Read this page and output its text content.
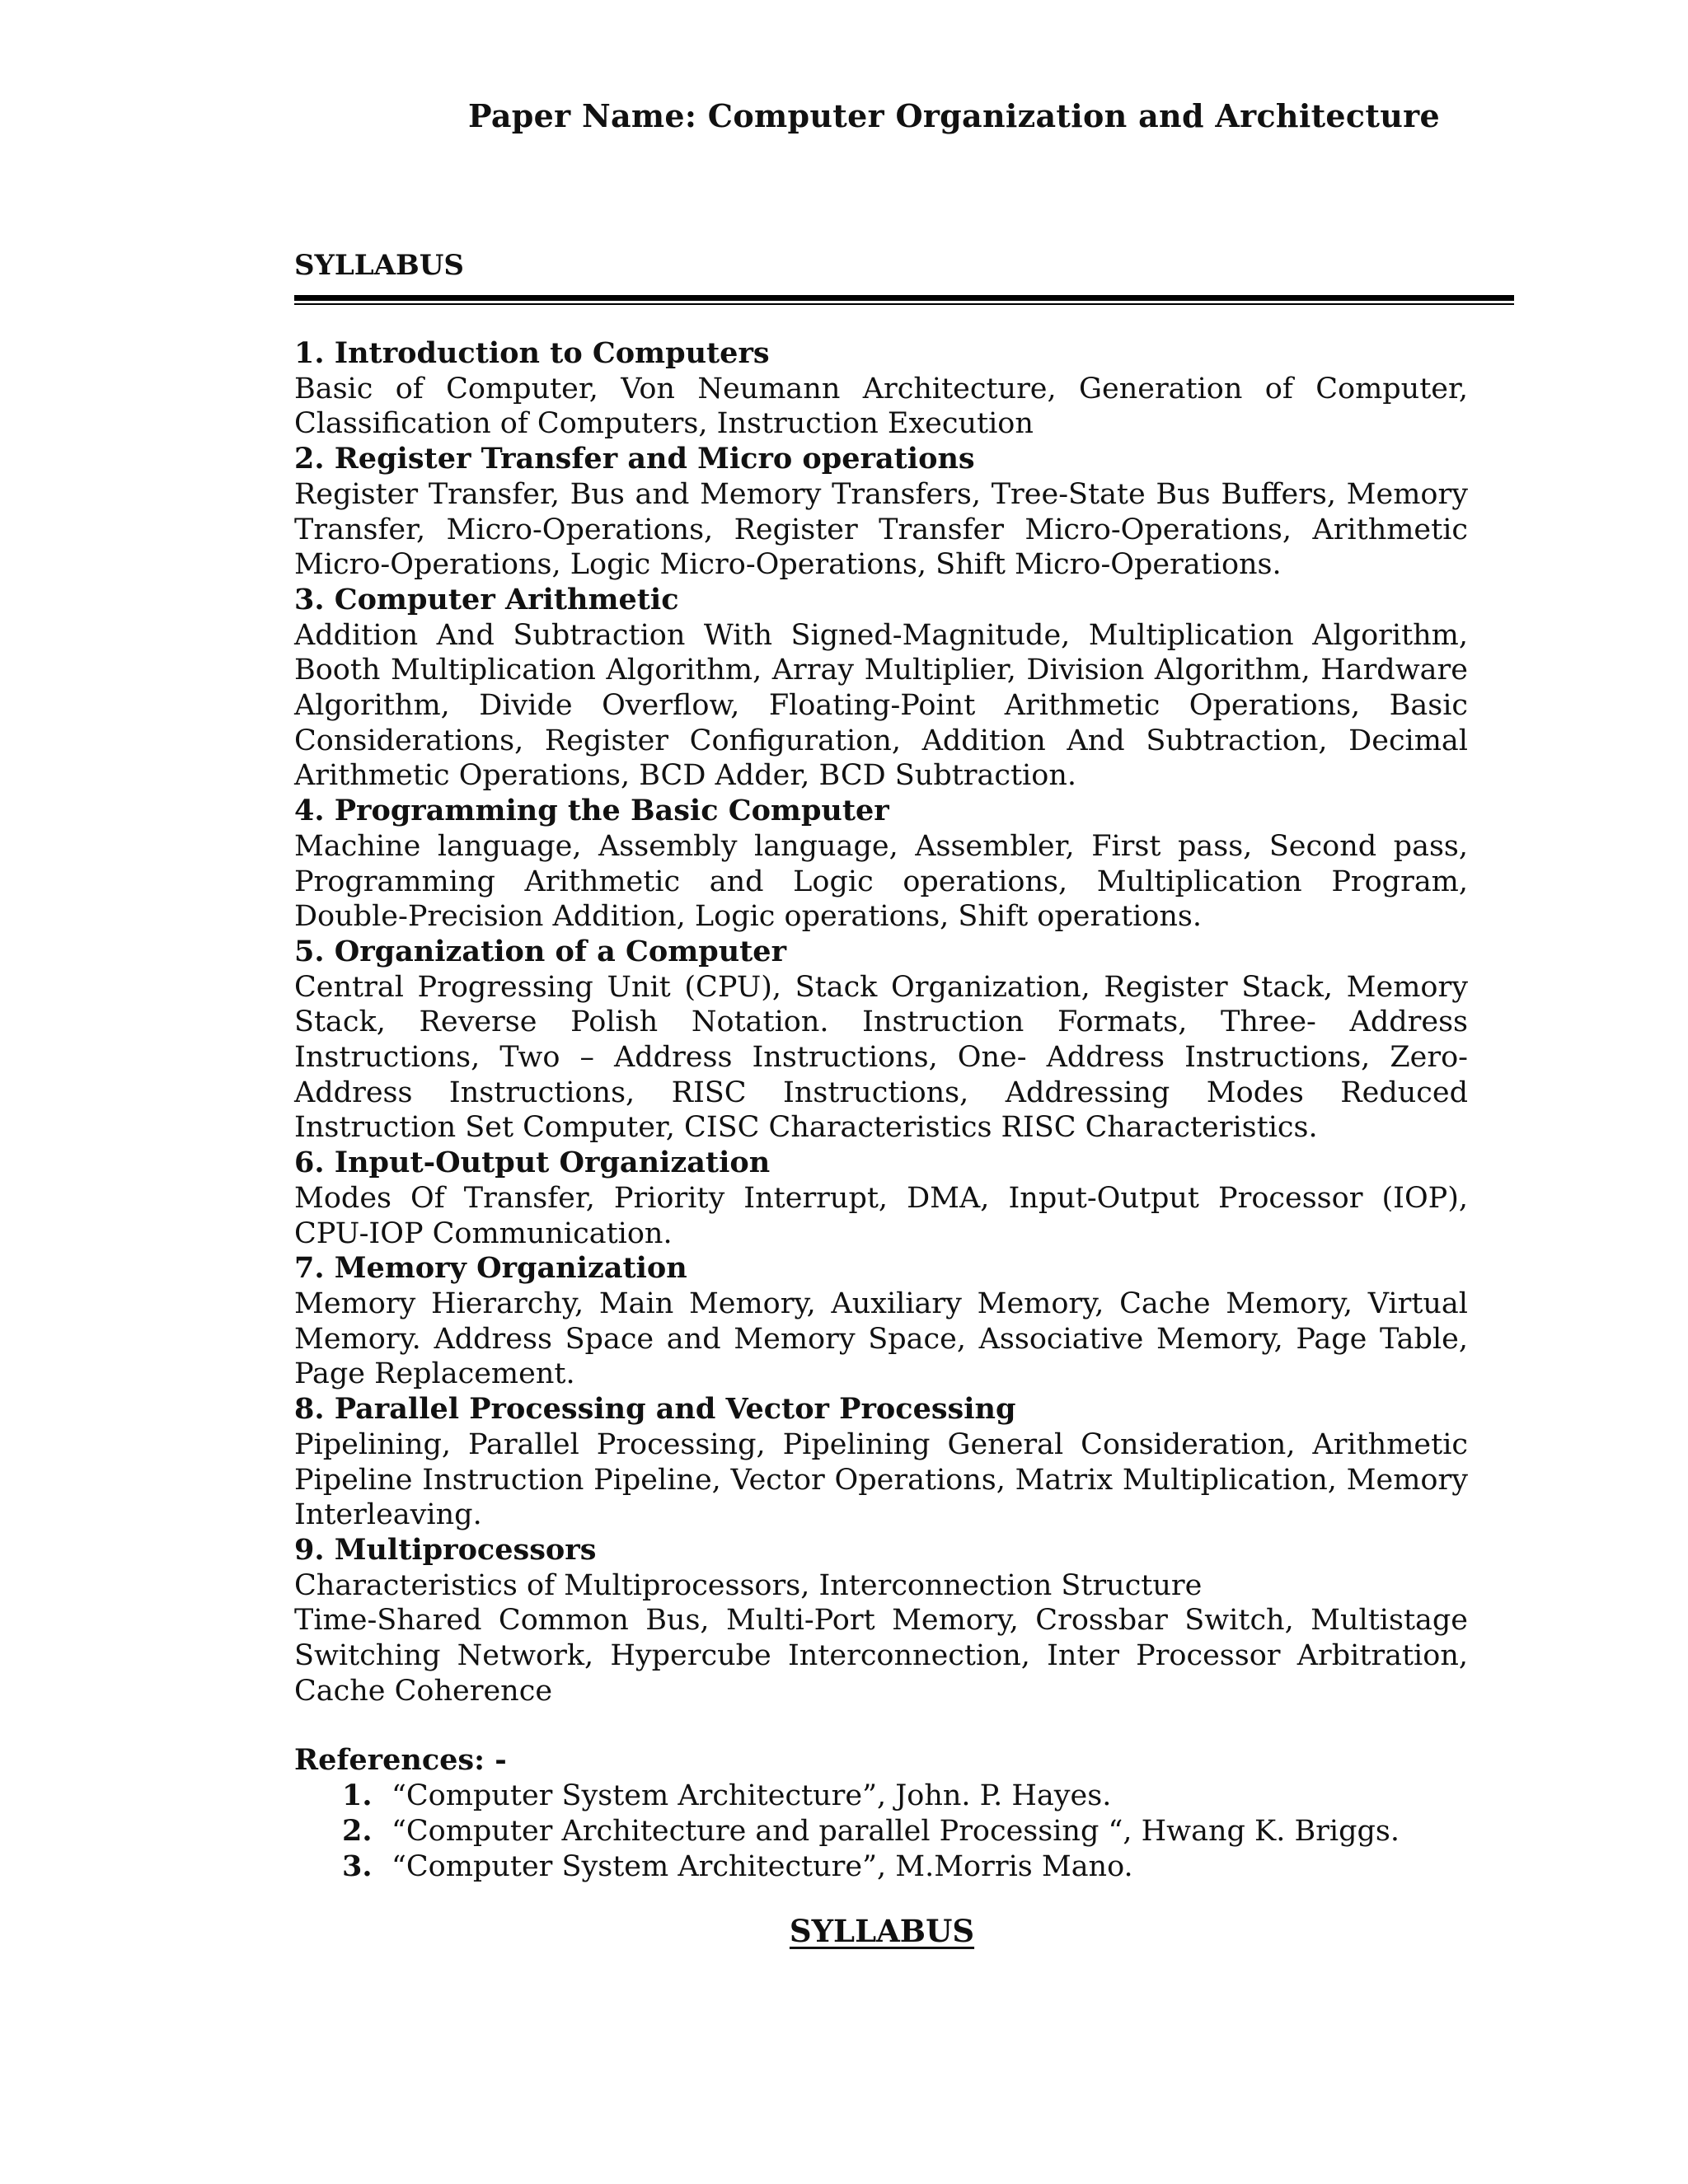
Paper Name: Computer Organization and Architecture
SYLLABUS

1. Introduction to Computers

Basic of Computer, Von Neumann Architecture, Generation of Computer, Classification of Computers, Instruction Execution

2. Register Transfer and Micro operations

Register Transfer, Bus and Memory Transfers, Tree-State Bus Buffers, Memory Transfer, Micro-Operations, Register Transfer Micro-Operations, Arithmetic Micro-Operations, Logic Micro-Operations, Shift Micro-Operations.

3. Computer Arithmetic

Addition And Subtraction With Signed-Magnitude, Multiplication Algorithm, Booth Multiplication Algorithm, Array Multiplier, Division Algorithm, Hardware Algorithm, Divide Overflow, Floating-Point Arithmetic Operations, Basic Considerations, Register Configuration, Addition And Subtraction, Decimal Arithmetic Operations, BCD Adder, BCD Subtraction.

4. Programming the Basic Computer

Machine language, Assembly language, Assembler, First pass, Second pass, Programming Arithmetic and Logic operations, Multiplication Program, Double-Precision Addition, Logic operations, Shift operations.

5. Organization of a Computer

Central Progressing Unit (CPU), Stack Organization, Register Stack, Memory Stack, Reverse Polish Notation. Instruction Formats, Three- Address Instructions, Two – Address Instructions, One- Address Instructions, Zero-Address Instructions, RISC Instructions, Addressing Modes Reduced Instruction Set Computer, CISC Characteristics RISC Characteristics.

6. Input-Output Organization

Modes Of Transfer, Priority Interrupt, DMA, Input-Output Processor (IOP), CPU-IOP Communication.

7. Memory Organization

Memory Hierarchy, Main Memory, Auxiliary Memory, Cache Memory, Virtual Memory. Address Space and Memory Space, Associative Memory, Page Table, Page Replacement.

8. Parallel Processing and Vector Processing

Pipelining, Parallel Processing, Pipelining General Consideration, Arithmetic Pipeline Instruction Pipeline, Vector Operations, Matrix Multiplication, Memory Interleaving.

9. Multiprocessors

Characteristics of Multiprocessors, Interconnection Structure

Time-Shared Common Bus, Multi-Port Memory, Crossbar Switch, Multistage Switching Network, Hypercube Interconnection, Inter Processor Arbitration, Cache Coherence

References: -

1. “Computer System Architecture”, John. P. Hayes.
2. “Computer Architecture and parallel Processing “, Hwang K. Briggs.
3. “Computer System Architecture”, M.Morris Mano.
SYLLABUS
